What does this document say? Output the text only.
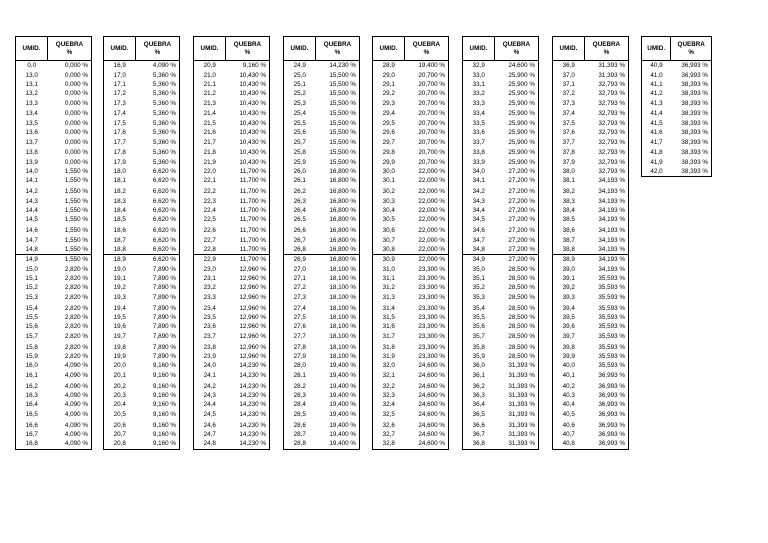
UMID.	QUEBRA
%
0,0	0,000 %
13,0	0,000 %
13,1	0,000 %
13,2	0,000 %
13,3	0,000 %
13,4	0,000 %
13,5	0,000 %
13,6	0,000 %
13,7	0,000 %
13,8	0,000 %
13,9	0,000 %
14,0	1,550 %
14,1	1,550 %
14,2	1,550 %
14,3	1,550 %
14,4	1,550 %
14,5	1,550 %
14,6	1,550 %
14,7	1,550 %
14,8	1,550 %
14,9	1,550 %
15,0	2,820 %
15,1	2,820 %
15,2	2,820 %
15,3	2,820 %
15,4	2,820 %
15,5	2,820 %
15,6	2,820 %
15,7	2,820 %
15,8	2,820 %
15,9	2,820 %
16,0	4,090 %
16,1	4,090 %
16,2	4,090 %
16,3	4,090 %
16,4	4,090 %
16,5	4,090 %
16,6	4,090 %
16,7	4,090 %
16,8	4,090 %
UMID.	QUEBRA
%
16,9	4,090 %
17,0	5,360 %
17,1	5,360 %
17,2	5,360 %
17,3	5,360 %
17,4	5,360 %
17,5	5,360 %
17,6	5,360 %
17,7	5,360 %
17,8	5,360 %
17,9	5,360 %
18,0	6,620 %
18,1	6,620 %
18,2	6,620 %
18,3	6,620 %
18,4	6,620 %
18,5	6,620 %
18,6	6,620 %
18,7	6,620 %
18,8	6,620 %
18,9	6,620 %
19,0	7,890 %
19,1	7,890 %
19,2	7,890 %
19,3	7,890 %
19,4	7,890 %
19,5	7,890 %
19,6	7,890 %
19,7	7,890 %
19,8	7,890 %
19,9	7,890 %
20,0	9,160 %
20,1	9,160 %
20,2	9,160 %
20,3	9,160 %
20,4	9,160 %
20,5	9,160 %
20,6	9,160 %
20,7	9,160 %
20,8	9,160 %
UMID.	QUEBRA
%
20,9	9,160 %
21,0	10,430 %
21,1	10,430 %
21,2	10,430 %
21,3	10,430 %
21,4	10,430 %
21,5	10,430 %
21,6	10,430 %
21,7	10,430 %
21,8	10,430 %
21,9	10,430 %
22,0	11,700 %
22,1	11,700 %
22,2	11,700 %
22,3	11,700 %
22,4	11,700 %
22,5	11,700 %
22,6	11,700 %
22,7	11,700 %
22,8	11,700 %
22,9	11,700 %
23,0	12,960 %
23,1	12,960 %
23,2	12,960 %
23,3	12,960 %
23,4	12,960 %
23,5	12,960 %
23,6	12,960 %
23,7	12,960 %
23,8	12,960 %
23,9	12,960 %
24,0	14,230 %
24,1	14,230 %
24,2	14,230 %
24,3	14,230 %
24,4	14,230 %
24,5	14,230 %
24,6	14,230 %
24,7	14,230 %
24,8	14,230 %
UMID.	QUEBRA
%
24,9	14,230 %
25,0	15,500 %
25,1	15,500 %
25,2	15,500 %
25,3	15,500 %
25,4	15,500 %
25,5	15,500 %
25,6	15,500 %
25,7	15,500 %
25,8	15,500 %
25,9	15,500 %
26,0	16,800 %
26,1	16,800 %
26,2	16,800 %
26,3	16,800 %
26,4	16,800 %
26,5	16,800 %
26,6	16,800 %
26,7	16,800 %
26,8	16,800 %
26,9	16,800 %
27,0	18,100 %
27,1	18,100 %
27,2	18,100 %
27,3	18,100 %
27,4	18,100 %
27,5	18,100 %
27,6	18,100 %
27,7	18,100 %
27,8	18,100 %
27,9	18,100 %
28,0	19,400 %
28,1	19,400 %
28,2	19,400 %
28,3	19,400 %
28,4	19,400 %
28,5	19,400 %
28,6	19,400 %
28,7	19,400 %
28,8	19,400 %
UMID.	QUEBRA
%
28,9	19,400 %
29,0	20,700 %
29,1	20,700 %
29,2	20,700 %
29,3	20,700 %
29,4	20,700 %
29,5	20,700 %
29,6	20,700 %
29,7	20,700 %
29,8	20,700 %
29,9	20,700 %
30,0	22,000 %
30,1	22,000 %
30,2	22,000 %
30,3	22,000 %
30,4	22,000 %
30,5	22,000 %
30,6	22,000 %
30,7	22,000 %
30,8	22,000 %
30,9	22,000 %
31,0	23,300 %
31,1	23,300 %
31,2	23,300 %
31,3	23,300 %
31,4	23,300 %
31,5	23,300 %
31,6	23,300 %
31,7	23,300 %
31,8	23,300 %
31,9	23,300 %
32,0	24,600 %
32,1	24,600 %
32,2	24,600 %
32,3	24,600 %
32,4	24,600 %
32,5	24,600 %
32,6	24,600 %
32,7	24,600 %
32,8	24,600 %
UMID.	QUEBRA
%
32,9	24,600 %
33,0	25,900 %
33,1	25,900 %
33,2	25,900 %
33,3	25,900 %
33,4	25,900 %
33,5	25,900 %
33,6	25,900 %
33,7	25,900 %
33,8	25,900 %
33,9	25,900 %
34,0	27,200 %
34,1	27,200 %
34,2	27,200 %
34,3	27,200 %
34,4	27,200 %
34,5	27,200 %
34,6	27,200 %
34,7	27,200 %
34,8	27,200 %
34,9	27,200 %
35,0	28,500 %
35,1	28,500 %
35,2	28,500 %
35,3	28,500 %
35,4	28,500 %
35,5	28,500 %
35,6	28,500 %
35,7	28,500 %
35,8	28,500 %
35,9	28,500 %
36,0	31,393 %
36,1	31,393 %
36,2	31,393 %
36,3	31,393 %
36,4	31,393 %
36,5	31,393 %
36,6	31,393 %
36,7	31,393 %
36,8	31,393 %
UMID.	QUEBRA
%
36,9	31,393 %
37,0	31,393 %
37,1	32,793 %
37,2	32,793 %
37,3	32,793 %
37,4	32,793 %
37,5	32,793 %
37,6	32,793 %
37,7	32,793 %
37,8	32,793 %
37,9	32,793 %
38,0	32,793 %
38,1	34,193 %
38,2	34,193 %
38,3	34,193 %
38,4	34,193 %
38,5	34,193 %
38,6	34,193 %
38,7	34,193 %
38,8	34,193 %
38,9	34,193 %
39,0	34,193 %
39,1	35,593 %
39,2	35,593 %
39,3	35,593 %
39,4	35,593 %
39,5	35,593 %
39,6	35,593 %
39,7	35,593 %
39,8	35,593 %
39,9	35,593 %
40,0	35,593 %
40,1	36,993 %
40,2	36,993 %
40,3	36,993 %
40,4	36,993 %
40,5	36,993 %
40,6	36,993 %
40,7	36,993 %
40,8	36,993 %
UMID.	QUEBRA
%
40,9	36,993 %
41,0	36,993 %
41,1	38,393 %
41,2	38,393 %
41,3	38,393 %
41,4	38,393 %
41,5	38,393 %
41,6	38,393 %
41,7	38,393 %
41,8	38,393 %
41,9	38,393 %
42,0	38,393 %
